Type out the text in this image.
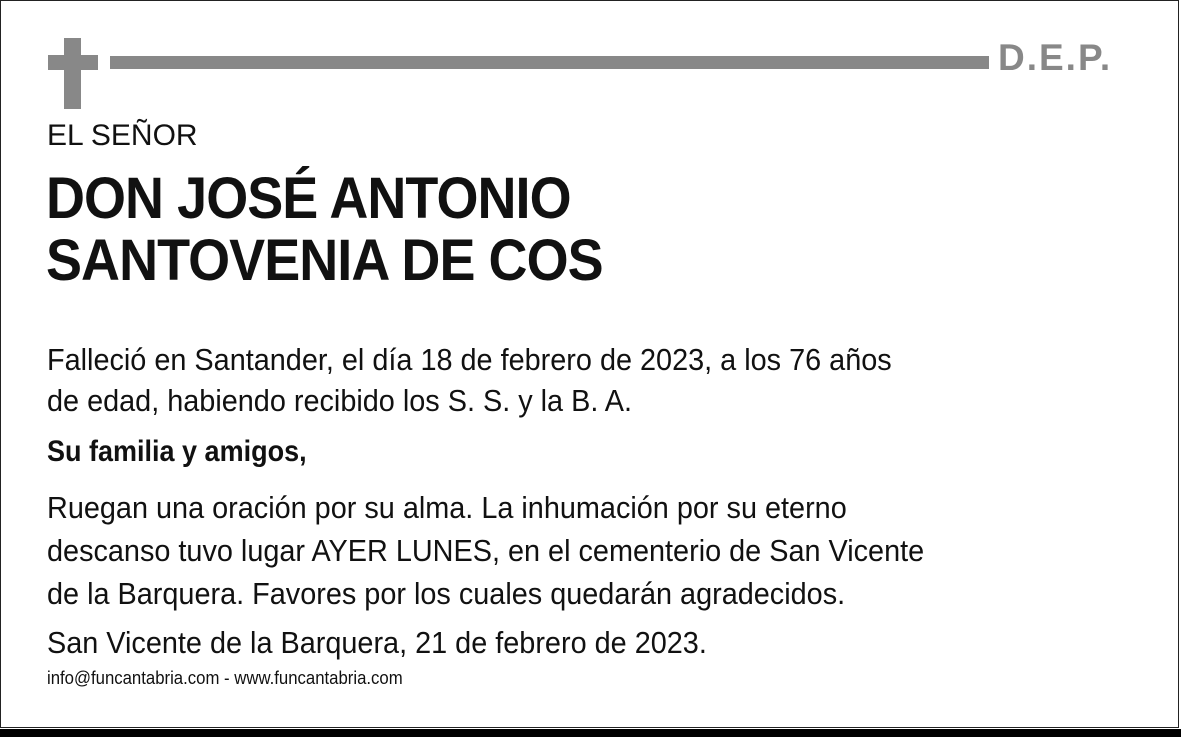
D.E.P.
EL SEÑOR
DON JOSÉ ANTONIO
SANTOVENIA DE COS
Falleció en Santander, el día 18 de febrero de 2023, a los 76 años
de edad, habiendo recibido los S. S. y la B. A.
Su familia y amigos,
Ruegan una oración por su alma. La inhumación por su eterno
descanso tuvo lugar AYER LUNES, en el cementerio de San Vicente
de la Barquera. Favores por los cuales quedarán agradecidos.
San Vicente de la Barquera, 21 de febrero de 2023.
info@funcantabria.com - www.funcantabria.com
